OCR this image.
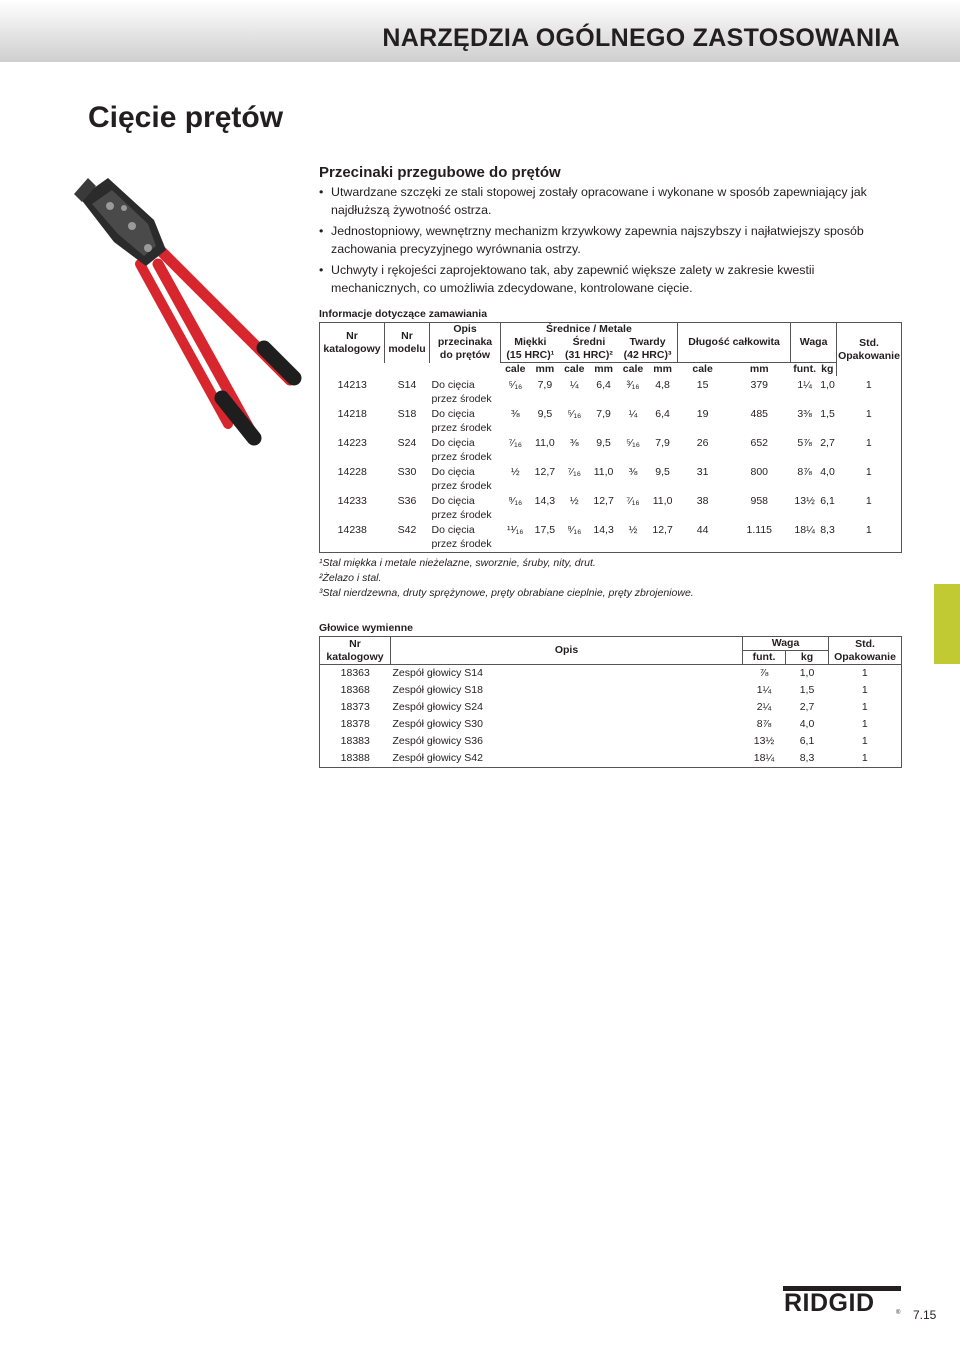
NARZĘDZIA OGÓLNEGO ZASTOSOWANIA
Cięcie prętów
Przecinaki przegubowe do prętów
• Utwardzane szczęki ze stali stopowej zostały opracowane i wykonane w sposób zapewniający jak najdłuższą żywotność ostrza.
• Jednostopniowy, wewnętrzny mechanizm krzywkowy zapewnia najszybszy i najłatwiejszy sposób zachowania precyzyjnego wyrównania ostrzy.
• Uchwyty i rękojeści zaprojektowano tak, aby zapewnić większe zalety w zakresie kwestii mechanicznych, co umożliwia zdecydowane, kontrolowane cięcie.
Informacje dotyczące zamawiania
Nr katalogowy	Nr modelu	Opis przecinaka do prętów	Średnice / Metale						Długość całkowita		Waga		Std. Opakowanie
			Miękki		Średni		Twardy						
			(15 HRC)¹		(31 HRC)²		(42 HRC)³						
			cale	mm	cale	mm	cale	mm	cale	mm	funt.	kg	
14213	S14	Do cięcia przez środek	⁵⁄₁₆	7,9	¼	6,4	³⁄₁₆	4,8	15	379	1¼	1,0	1
14218	S18	Do cięcia przez środek	⅜	9,5	⁵⁄₁₆	7,9	¼	6,4	19	485	3⅜	1,5	1
14223	S24	Do cięcia przez środek	⁷⁄₁₆	11,0	⅜	9,5	⁵⁄₁₆	7,9	26	652	5⅞	2,7	1
14228	S30	Do cięcia przez środek	½	12,7	⁷⁄₁₆	11,0	⅜	9,5	31	800	8⅞	4,0	1
14233	S36	Do cięcia przez środek	⁹⁄₁₆	14,3	½	12,7	⁷⁄₁₆	11,0	38	958	13½	6,1	1
14238	S42	Do cięcia przez środek	¹¹⁄₁₆	17,5	⁹⁄₁₆	14,3	½	12,7	44	1.115	18¼	8,3	1
¹Stal miękka i metale nieżelazne, sworznie, śruby, nity, drut.
²Żelazo i stal.
³Stal nierdzewna, druty sprężynowe, pręty obrabiane cieplnie, pręty zbrojeniowe.
Głowice wymienne
Nr katalogowy	Opis	Waga		Std. Opakowanie
		funt.	kg	
18363	Zespół głowicy S14	⅞	1,0	1
18368	Zespół głowicy S18	1¼	1,5	1
18373	Zespół głowicy S24	2¼	2,7	1
18378	Zespół głowicy S30	8⅞	4,0	1
18383	Zespół głowicy S36	13½	6,1	1
18388	Zespół głowicy S42	18¼	8,3	1
RIDGID	® 7.15
